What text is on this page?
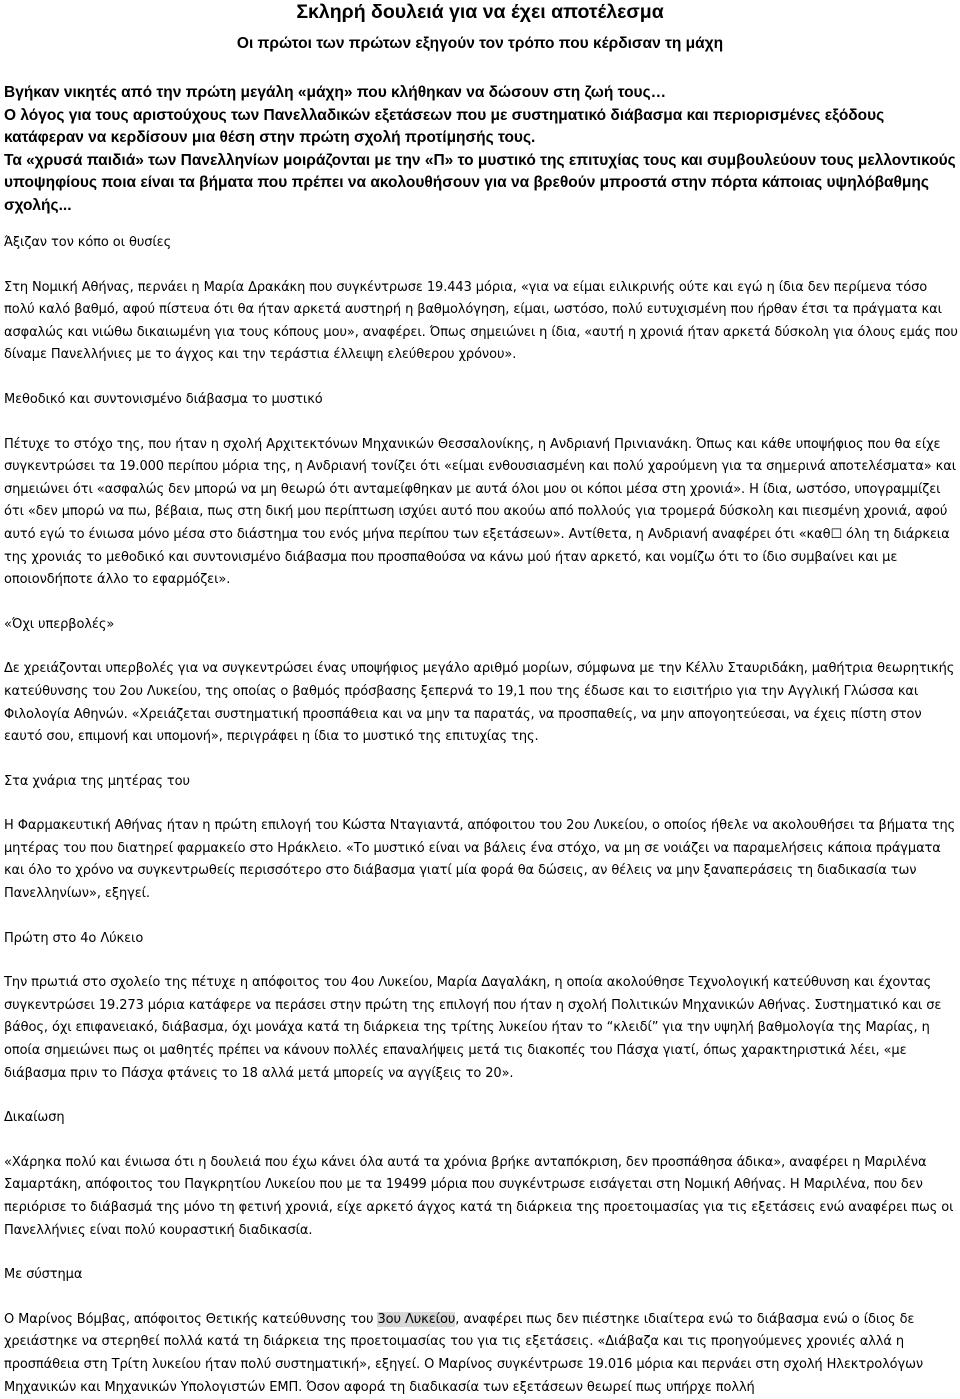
Σκληρή δουλειά για να έχει αποτέλεσμα
Οι πρώτοι των πρώτων εξηγούν τον τρόπο που κέρδισαν τη μάχη

Βγήκαν νικητές από την πρώτη μεγάλη «μάχη» που κλήθηκαν να δώσουν στη ζωή τους…

Ο λόγος για τους αριστούχους των Πανελλαδικών εξετάσεων που με συστηματικό διάβασμα και περιορισμένες εξόδους κατάφεραν να κερδίσουν μια θέση στην πρώτη σχολή προτίμησής τους.

Τα «χρυσά παιδιά» των Πανελληνίων μοιράζονται με την «Π» το μυστικό της επιτυχίας τους και συμβουλεύουν τους μελλοντικούς υποψηφίους ποια είναι τα βήματα που πρέπει να ακολουθήσουν για να βρεθούν μπροστά στην πόρτα κάποιας υψηλόβαθμης σχολής...

Άξιζαν τον κόπο οι θυσίες

Στη Νομική Αθήνας, περνάει η Μαρία Δρακάκη που συγκέντρωσε 19.443 μόρια, «για να είμαι ειλικρινής ούτε και εγώ η ίδια δεν περίμενα τόσο πολύ καλό βαθμό, αφού πίστευα ότι θα ήταν αρκετά αυστηρή η βαθμολόγηση, είμαι, ωστόσο, πολύ ευτυχισμένη που ήρθαν έτσι τα πράγματα και ασφαλώς και νιώθω δικαιωμένη για τους κόπους μου», αναφέρει. Όπως σημειώνει η ίδια, «αυτή η χρονιά ήταν αρκετά δύσκολη για όλους εμάς που δίναμε Πανελλήνιες με το άγχος και την τεράστια έλλειψη ελεύθερου χρόνου».

Μεθοδικό και συντονισμένο διάβασμα το μυστικό

Πέτυχε το στόχο της, που ήταν η σχολή Αρχιτεκτόνων Μηχανικών Θεσσαλονίκης, η Ανδριανή Πριvιανάκη. Όπως και κάθε υποψήφιος που θα είχε συγκεντρώσει τα 19.000 περίπου μόρια της, η Ανδριανή τονίζει ότι «είμαι ενθουσιασμένη και πολύ χαρούμενη για τα σημερινά αποτελέσματα» και σημειώνει ότι «ασφαλώς δεν μπορώ να μη θεωρώ ότι ανταμείφθηκαν με αυτά όλοι μου οι κόποι μέσα στη χρονιά». Η ίδια, ωστόσο, υπογραμμίζει ότι «δεν μπορώ να πω, βέβαια, πως στη δική μου περίπτωση ισχύει αυτό που ακούω από πολλούς για τρομερά δύσκολη και πιεσμένη χρονιά, αφού αυτό εγώ το ένιωσα μόνο μέσα στο διάστημα του ενός μήνα περίπου των εξετάσεων». Αντίθετα, η Ανδριανή αναφέρει ότι «καθ☐ όλη τη διάρκεια της χρονιάς το μεθοδικό και συντονισμένο διάβασμα που προσπαθούσα να κάνω μού ήταν αρκετό, και νομίζω ότι το ίδιο συμβαίνει και με οποιονδήποτε άλλο το εφαρμόζει».

«Όχι υπερβολές»

Δε χρειάζονται υπερβολές για να συγκεντρώσει ένας υποψήφιος μεγάλο αριθμό μορίων, σύμφωνα με την Κέλλυ Σταυριδάκη, μαθήτρια θεωρητικής κατεύθυνσης του 2ου Λυκείου, της οποίας ο βαθμός πρόσβασης ξεπερνά το 19,1 που της έδωσε και το εισιτήριο για την Αγγλική Γλώσσα και Φιλολογία Αθηνών. «Χρειάζεται συστηματική προσπάθεια και να μην τα παρατάς, να προσπαθείς, να μην απογοητεύεσαι, να έχεις πίστη στον εαυτό σου, επιμονή και υπομονή», περιγράφει η ίδια το μυστικό της επιτυχίας της.

Στα χνάρια της μητέρας του

Η Φαρμακευτική Αθήνας ήταν η πρώτη επιλογή του Κώστα Νταγιαντά, απόφοιτου του 2ου Λυκείου, ο οποίος ήθελε να ακολουθήσει τα βήματα της μητέρας του που διατηρεί φαρμακείο στο Ηράκλειο. «Το μυστικό είναι να βάλεις ένα στόχο, να μη σε νοιάζει να παραμελήσεις κάποια πράγματα και όλο το χρόνο να συγκεντρωθείς περισσότερο στο διάβασμα γιατί μία φορά θα δώσεις, αν θέλεις να μην ξαναπεράσεις τη διαδικασία των Πανελληνίων», εξηγεί.

Πρώτη στο 4ο Λύκειο

Την πρωτιά στο σχολείο της πέτυχε η απόφοιτος του 4ου Λυκείου, Μαρία Δαγαλάκη, η οποία ακολούθησε Τεχνολογική κατεύθυνση και έχοντας συγκεντρώσει 19.273 μόρια κατάφερε να περάσει στην πρώτη της επιλογή που ήταν η σχολή Πολιτικών Μηχανικών Αθήνας. Συστηματικό και σε βάθος, όχι επιφανειακό, διάβασμα, όχι μονάχα κατά τη διάρκεια της τρίτης λυκείου ήταν το “κλειδί” για την υψηλή βαθμολογία της Μαρίας, η οποία σημειώνει πως οι μαθητές πρέπει να κάνουν πολλές επαναλήψεις μετά τις διακοπές του Πάσχα γιατί, όπως χαρακτηριστικά λέει, «με διάβασμα πριν το Πάσχα φτάνεις το 18 αλλά μετά μπορείς να αγγίξεις το 20».

Δικαίωση

«Χάρηκα πολύ και ένιωσα ότι η δουλειά που έχω κάνει όλα αυτά τα χρόνια βρήκε ανταπόκριση, δεν προσπάθησα άδικα», αναφέρει η Μαριλένα Σαμαρτάκη, απόφοιτος του Παγκρητίου Λυκείου που με τα 19499 μόρια που συγκέντρωσε εισάγεται στη Νομική Αθήνας. Η Μαριλένα, που δεν περιόρισε το διάβασμά της μόνο τη φετινή χρονιά, είχε αρκετό άγχος κατά τη διάρκεια της προετοιμασίας για τις εξετάσεις ενώ αναφέρει πως οι Πανελλήνιες είναι πολύ κουραστική διαδικασία.

Με σύστημα

Ο Μαρίνος Βόμβας, απόφοιτος Θετικής κατεύθυνσης του 3ου Λυκείου, αναφέρει πως δεν πιέστηκε ιδιαίτερα ενώ το διάβασμα ενώ ο ίδιος δε χρειάστηκε να στερηθεί πολλά κατά τη διάρκεια της προετοιμασίας του για τις εξετάσεις. «Διάβαζα και τις προηγούμενες χρονιές αλλά η προσπάθεια στη Τρίτη λυκείου ήταν πολύ συστηματική», εξηγεί. Ο Μαρίνος συγκέντρωσε 19.016 μόρια και περνάει στη σχολή Ηλεκτρολόγων Μηχανικών και Μηχανικών Υπολογιστών ΕΜΠ. Όσον αφορά τη διαδικασία των εξετάσεων θεωρεί πως υπήρχε πολλή
